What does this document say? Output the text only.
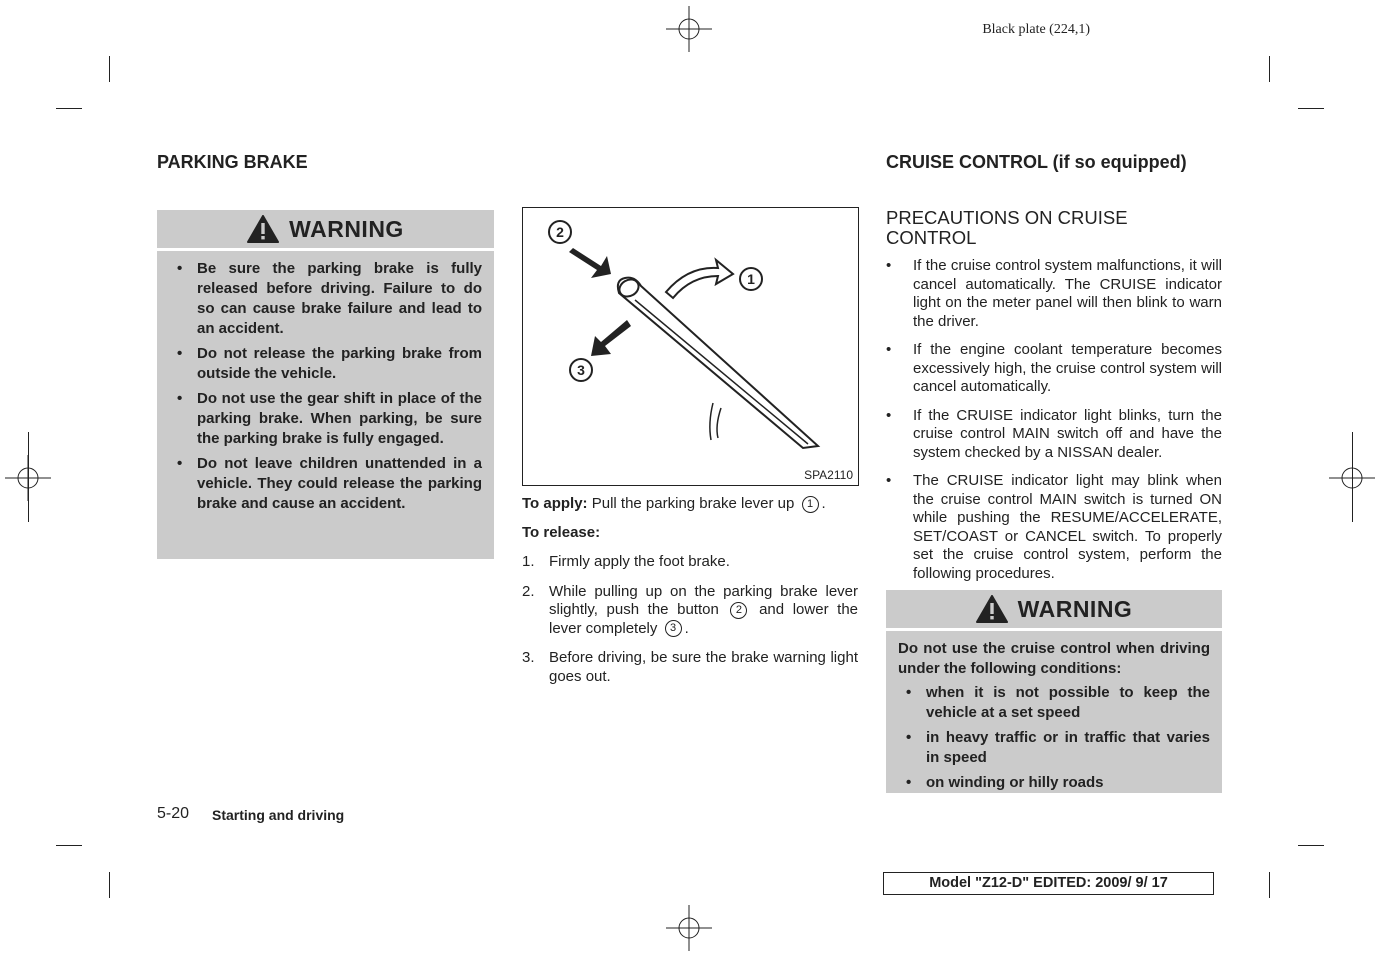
Black plate (224,1)
PARKING BRAKE
WARNING
• Be sure the parking brake is fully released before driving. Failure to do so can cause brake failure and lead to an accident.
• Do not release the parking brake from outside the vehicle.
• Do not use the gear shift in place of the parking brake. When parking, be sure the parking brake is fully engaged.
• Do not leave children unattended in a vehicle. They could release the parking brake and cause an accident.
2
1
3
SPA2110
To apply: Pull the parking brake lever up 1 .
To release:
1. Firmly apply the foot brake.
2. While pulling up on the parking brake lever slightly, push the button 2 and lower the lever completely 3 .
3. Before driving, be sure the brake warning light goes out.
CRUISE CONTROL (if so equipped)
PRECAUTIONS ON CRUISE CONTROL
• If the cruise control system malfunctions, it will cancel automatically. The CRUISE indicator light on the meter panel will then blink to warn the driver.
• If the engine coolant temperature becomes excessively high, the cruise control system will cancel automatically.
• If the CRUISE indicator light blinks, turn the cruise control MAIN switch off and have the system checked by a NISSAN dealer.
• The CRUISE indicator light may blink when the cruise control MAIN switch is turned ON while pushing the RESUME/ACCELERATE, SET/COAST or CANCEL switch. To properly set the cruise control system, perform the following procedures.
WARNING

Do not use the cruise control when driving under the following conditions:

• when it is not possible to keep the vehicle at a set speed
• in heavy traffic or in traffic that varies in speed
• on winding or hilly roads
5-20 Starting and driving
Model "Z12-D" EDITED: 2009/ 9/ 17
